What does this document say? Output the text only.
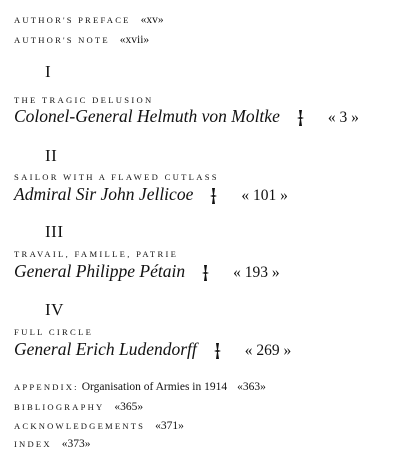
AUTHOR'S PREFACE «xv»
AUTHOR'S NOTE «xvii»
I
THE TRAGIC DELUSION
Colonel-General Helmuth von Moltke	« 3 »
II
SAILOR WITH A FLAWED CUTLASS
Admiral Sir John Jellicoe	« 101 »
III
TRAVAIL, FAMILLE, PATRIE
General Philippe Pétain	« 193 »
IV
FULL CIRCLE
General Erich Ludendorff	« 269 »
APPENDIX: Organisation of Armies in 1914 «363»
BIBLIOGRAPHY «365»
ACKNOWLEDGEMENTS «371»
INDEX «373»
